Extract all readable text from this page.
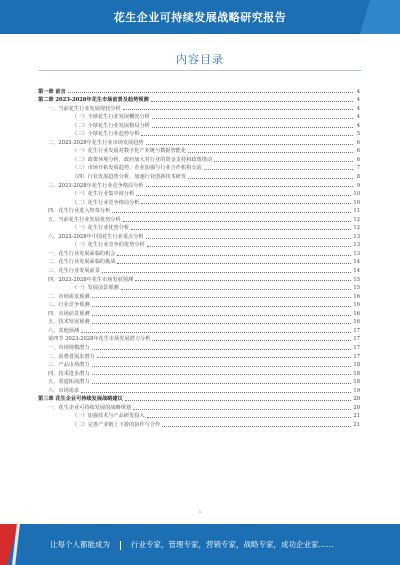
花生企业可持续发展战略研究报告
内容目录
第一章 前言	4
第二章 2023-2028年花生市场前景及趋势预测	4
一、当前花生行业发展现状分析	4
（一）全球花生行业发展概况分析	4
（二）全球花生行业发展格局分析	4
（三）全球花生行业趋势分析	5
二、2023-2028年花生行业市场发展趋势	6
（一）花生行业发展对数字化产业链与数据智能化	6
（二）政策环境分析，政府加大对行业的资金支持和政策推动	6
（三）市场开拓发展趋势，企业加强与行业合作机构交流	7
（四）行业发展趋势分析，加速行业创新技术研发	8
三、2023-2028年花生行业竞争格局分析	9
（一）花生行业集中度分析	10
（二）花生行业竞争格局分析	10
四、花生行业进入壁垒分析	11
五、当前花生行业发展优势分析	12
（一）花生行业优势分析	12
六、2023-2028年中国花生行业重点分析	13
（一）花生行业竞争的优势分析	13
一、花生行业发展面临的机会	13
二、花生行业发展面临的挑战	14
三、花生行业发展前景	14
四、2023-2028年花生市场发展预测	15
（一）发展前景预测	15
二、市场需求预测	16
三、行业竞争预测	16
四、市场前景预测	16
五、技术发展预测	16
六、其他预测	17
第四节 2023-2028年花生市场发展潜力分析	17
一、市场规模潜力	17
二、消费者需求潜力	17
三、产品市场潜力	18
四、技术进步潜力	18
五、渠道拓展潜力	18
六、市场需求	19
第三章 花生企业可持续发展战略建议	20
一、花生企业可持续发展的战略规划	20
（一）加强技术与产品研发投入	21
（二）完善产业链上下游的协作与合作	21
1
让每个人都能成为	行业专家，管理专家，营销专家，战略专家，成功企业家……
